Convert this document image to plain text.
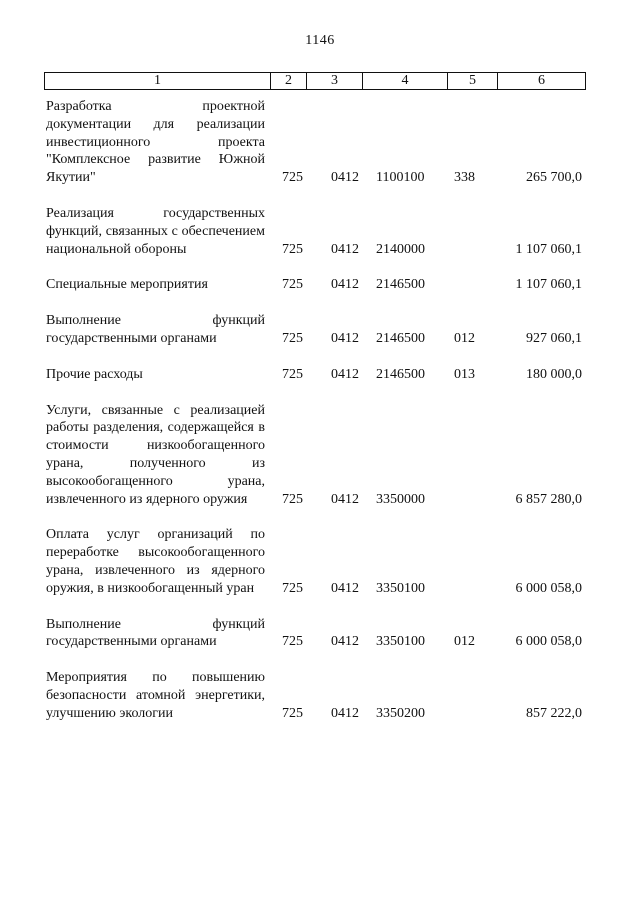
1146
1	2	3	4	5	6
Разработка проектной документации для реализации инвестиционного проекта "Комплексное развитие Южной Якутии"	725 0412 1100100 338	265 700,0
Реализация государственных функций, связанных с обеспечением национальной обороны	725 0412 2140000	1 107 060,1
Специальные мероприятия	725 0412 2146500	1 107 060,1
Выполнение функций государственными органами	725 0412 2146500 012	927 060,1
Прочие расходы	725 0412 2146500 013	180 000,0
Услуги, связанные с реализацией работы разделения, содержащейся в стоимости низкообогащенного урана, полученного из высокообогащенного урана, извлеченного из ядерного оружия	725 0412 3350000	6 857 280,0
Оплата услуг организаций по переработке высокообогащенного урана, извлеченного из ядерного оружия, в низкообогащенный уран	725 0412 3350100	6 000 058,0
Выполнение функций государственными органами	725 0412 3350100 012	6 000 058,0
Мероприятия по повышению безопасности атомной энергетики, улучшению экологии	725 0412 3350200	857 222,0
